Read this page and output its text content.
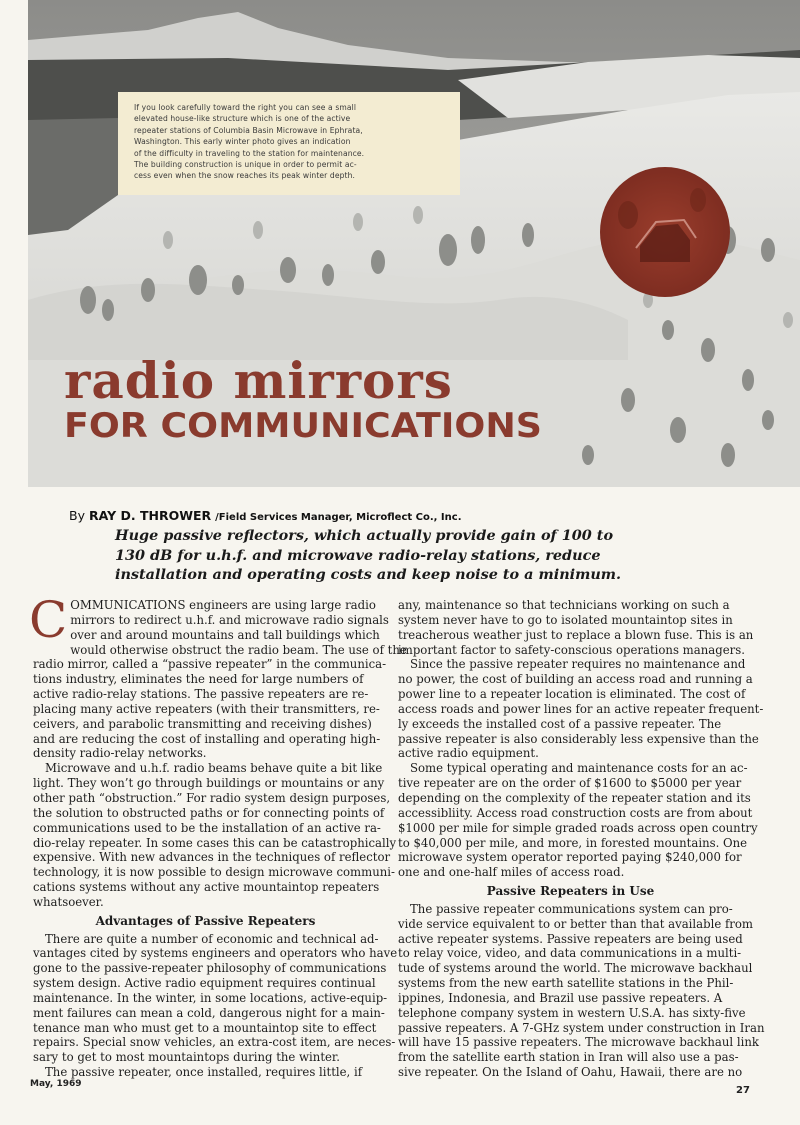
If you look carefully toward the right you can see a small
elevated house-like structure which is one of the active
repeater stations of Columbia Basin Microwave in Ephrata,
Washington. This early winter photo gives an indication
of the difficulty in traveling to the station for maintenance.
The building construction is unique in order to permit ac-
cess even when the snow reaches its peak winter depth.
radio mirrors
FOR COMMUNICATIONS
By RAY D. THROWER /Field Services Manager, Microflect Co., Inc.
Huge passive reflectors, which actually provide gain of 100 to
130 dB for u.h.f. and microwave radio-relay stations, reduce
installation and operating costs and keep noise to a minimum.
C OMMUNICATIONS engineers are using large radio
mirrors to redirect u.h.f. and microwave radio signals
over and around mountains and tall buildings which
would otherwise obstruct the radio beam. The use of the
radio mirror, called a “passive repeater” in the communica-
tions industry, eliminates the need for large numbers of
active radio-relay stations. The passive repeaters are re-
placing many active repeaters (with their transmitters, re-
ceivers, and parabolic transmitting and receiving dishes)
and are reducing the cost of installing and operating high-
density radio-relay networks.
Microwave and u.h.f. radio beams behave quite a bit like
light. They won’t go through buildings or mountains or any
other path “obstruction.” For radio system design purposes,
the solution to obstructed paths or for connecting points of
communications used to be the installation of an active ra-
dio-relay repeater. In some cases this can be catastrophically
expensive. With new advances in the techniques of reflector
technology, it is now possible to design microwave communi-
cations systems without any active mountaintop repeaters
whatsoever.
Advantages of Passive Repeaters
There are quite a number of economic and technical ad-
vantages cited by systems engineers and operators who have
gone to the passive-repeater philosophy of communications
system design. Active radio equipment requires continual
maintenance. In the winter, in some locations, active-equip-
ment failures can mean a cold, dangerous night for a main-
tenance man who must get to a mountaintop site to effect
repairs. Special snow vehicles, an extra-cost item, are neces-
sary to get to most mountaintops during the winter.
The passive repeater, once installed, requires little, if
any, maintenance so that technicians working on such a
system never have to go to isolated mountaintop sites in
treacherous weather just to replace a blown fuse. This is an
important factor to safety-conscious operations managers.
Since the passive repeater requires no maintenance and
no power, the cost of building an access road and running a
power line to a repeater location is eliminated. The cost of
access roads and power lines for an active repeater frequent-
ly exceeds the installed cost of a passive repeater. The
passive repeater is also considerably less expensive than the
active radio equipment.
Some typical operating and maintenance costs for an ac-
tive repeater are on the order of $1600 to $5000 per year
depending on the complexity of the repeater station and its
accessibliity. Access road construction costs are from about
$1000 per mile for simple graded roads across open country
to $40,000 per mile, and more, in forested mountains. One
microwave system operator reported paying $240,000 for
one and one-half miles of access road.
Passive Repeaters in Use
The passive repeater communications system can pro-
vide service equivalent to or better than that available from
active repeater systems. Passive repeaters are being used
to relay voice, video, and data communications in a multi-
tude of systems around the world. The microwave backhaul
systems from the new earth satellite stations in the Phil-
ippines, Indonesia, and Brazil use passive repeaters. A
telephone company system in western U.S.A. has sixty-five
passive repeaters. A 7-GHz system under construction in Iran
will have 15 passive repeaters. The microwave backhaul link
from the satellite earth station in Iran will also use a pas-
sive repeater. On the Island of Oahu, Hawaii, there are no
May, 1969
27
